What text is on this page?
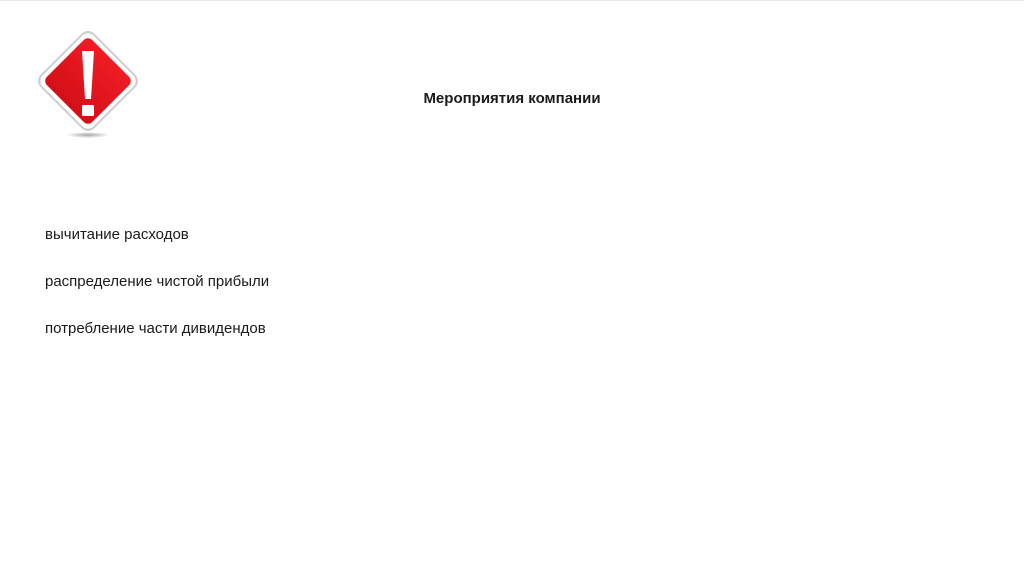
Мероприятия компании
вычитание расходов
распределение чистой прибыли
потребление части дивидендов
